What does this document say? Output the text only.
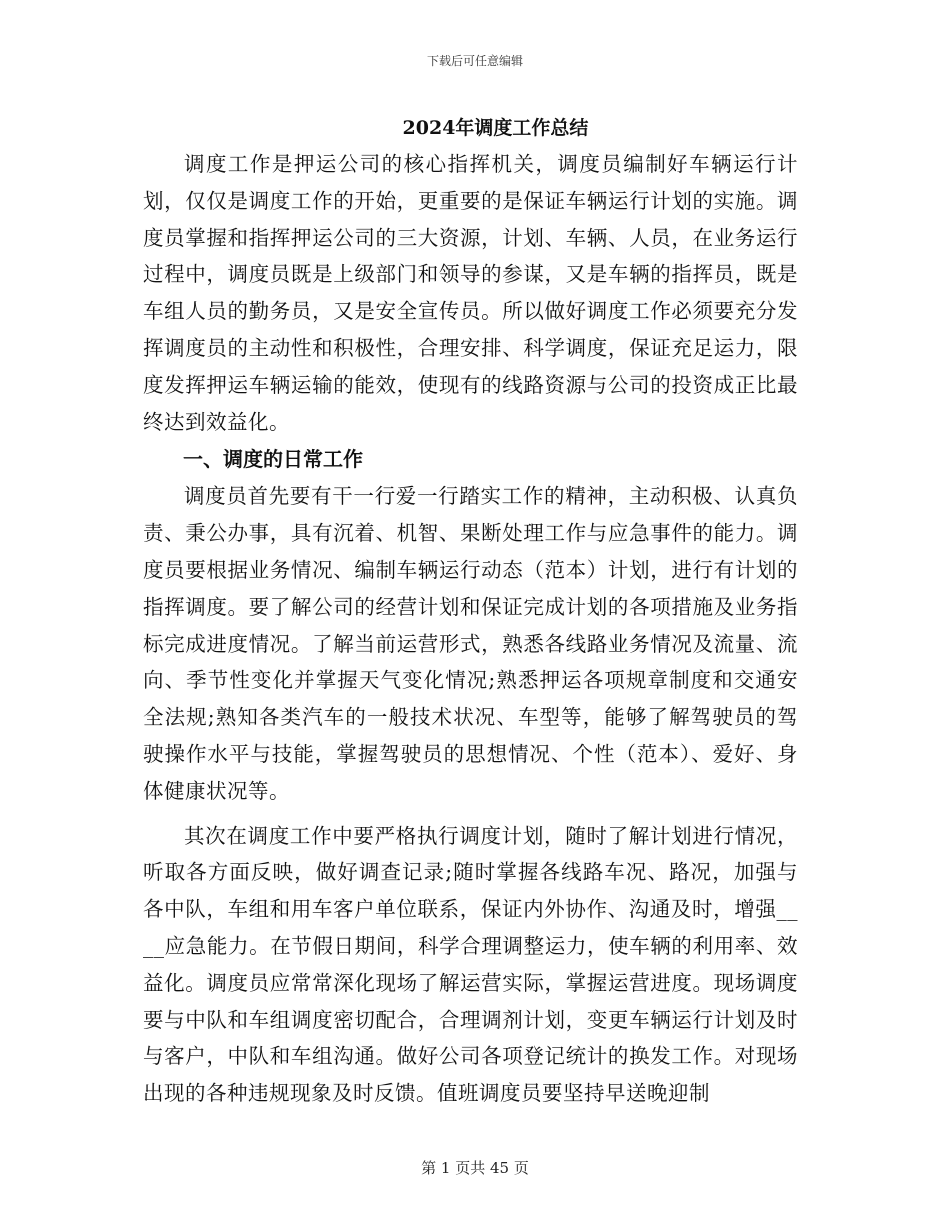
下载后可任意编辑
2024年调度工作总结

调度工作是押运公司的核心指挥机关，调度员编制好车辆运行计划，仅仅是调度工作的开始，更重要的是保证车辆运行计划的实施。调度员掌握和指挥押运公司的三大资源，计划、车辆、人员，在业务运行过程中，调度员既是上级部门和领导的参谋，又是车辆的指挥员，既是车组人员的勤务员，又是安全宣传员。所以做好调度工作必须要充分发挥调度员的主动性和积极性，合理安排、科学调度，保证充足运力，限度发挥押运车辆运输的能效，使现有的线路资源与公司的投资成正比最终达到效益化。

一、调度的日常工作

调度员首先要有干一行爱一行踏实工作的精神，主动积极、认真负责、秉公办事，具有沉着、机智、果断处理工作与应急事件的能力。调度员要根据业务情况、编制车辆运行动态（范本）计划，进行有计划的指挥调度。要了解公司的经营计划和保证完成计划的各项措施及业务指标完成进度情况。了解当前运营形式，熟悉各线路业务情况及流量、流向、季节性变化并掌握天气变化情况;熟悉押运各项规章制度和交通安全法规;熟知各类汽车的一般技术状况、车型等，能够了解驾驶员的驾驶操作水平与技能，掌握驾驶员的思想情况、个性（范本）、爱好、身体健康状况等。

其次在调度工作中要严格执行调度计划，随时了解计划进行情况，听取各方面反映，做好调查记录;随时掌握各线路车况、路况，加强与各中队，车组和用车客户单位联系，保证内外协作、沟通及时，增强____应急能力。在节假日期间，科学合理调整运力，使车辆的利用率、效益化。调度员应常常深化现场了解运营实际，掌握运营进度。现场调度要与中队和车组调度密切配合，合理调剂计划，变更车辆运行计划及时与客户，中队和车组沟通。做好公司各项登记统计的换发工作。对现场出现的各种违规现象及时反馈。值班调度员要坚持早送晚迎制

第 1 页共 45 页
